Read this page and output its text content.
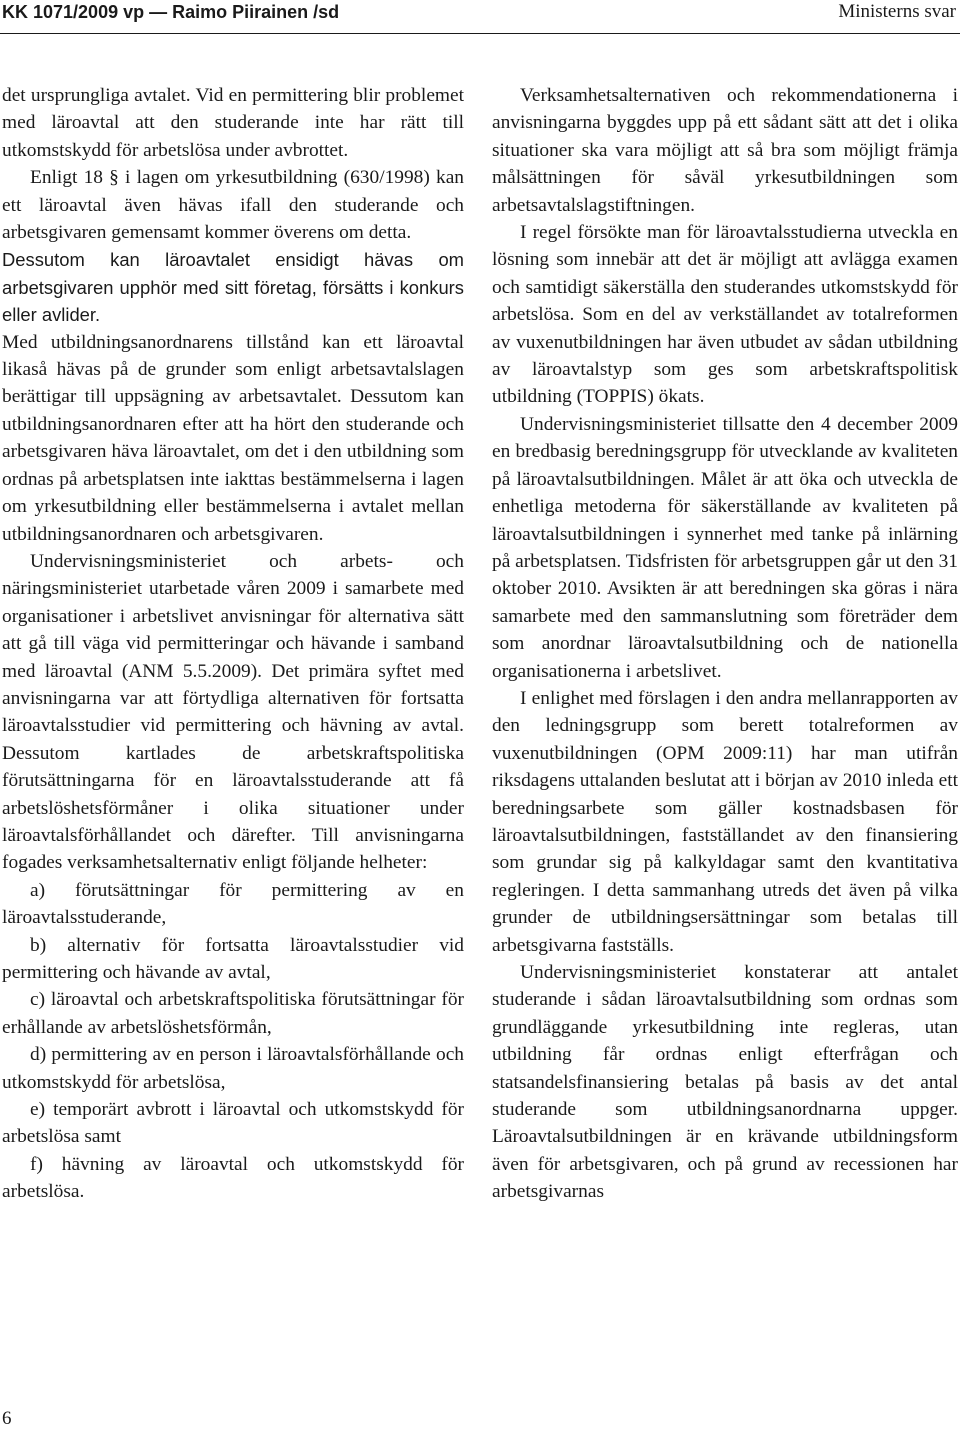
KK 1071/2009 vp — Raimo Piirainen /sd	Ministerns svar

det ursprungliga avtalet. Vid en permittering blir problemet med läroavtal att den studerande inte har rätt till utkomstskydd för arbetslösa under avbrottet.

Enligt 18 § i lagen om yrkesutbildning (630/1998) kan ett läroavtal även hävas ifall den studerande och arbetsgivaren gemensamt kommer överens om detta.

Dessutom kan läroavtalet ensidigt hävas om arbetsgivaren upphör med sitt företag, försätts i konkurs eller avlider.

Med utbildningsanordnarens tillstånd kan ett läroavtal likaså hävas på de grunder som enligt arbetsavtalslagen berättigar till uppsägning av arbetsavtalet. Dessutom kan utbildningsanordnaren efter att ha hört den studerande och arbetsgivaren häva läroavtalet, om det i den utbildning som ordnas på arbetsplatsen inte iakttas bestämmelserna i lagen om yrkesutbildning eller bestämmelserna i avtalet mellan utbildningsanordnaren och arbetsgivaren.

Undervisningsministeriet och arbets- och näringsministeriet utarbetade våren 2009 i samarbete med organisationer i arbetslivet anvisningar för alternativa sätt att gå till väga vid permitteringar och hävande i samband med läroavtal (ANM 5.5.2009). Det primära syftet med anvisningarna var att förtydliga alternativen för fortsatta läroavtalsstudier vid permittering och hävning av avtal. Dessutom kartlades de arbetskraftspolitiska förutsättningarna för en läroavtalsstuderande att få arbetslöshetsförmåner i olika situationer under läroavtalsförhållandet och därefter. Till anvisningarna fogades verksamhetsalternativ enligt följande helheter:

a) förutsättningar för permittering av en läroavtalsstuderande,

b) alternativ för fortsatta läroavtalsstudier vid permittering och hävande av avtal,

c) läroavtal och arbetskraftspolitiska förutsättningar för erhållande av arbetslöshetsförmån,

d) permittering av en person i läroavtalsförhållande och utkomstskydd för arbetslösa,

e) temporärt avbrott i läroavtal och utkomstskydd för arbetslösa samt

f) hävning av läroavtal och utkomstskydd för arbetslösa.

Verksamhetsalternativen och rekommendationerna i anvisningarna byggdes upp på ett sådant sätt att det i olika situationer ska vara möjligt att så bra som möjligt främja målsättningen för såväl yrkesutbildningen som arbetsavtalslagstiftningen.

I regel försökte man för läroavtalsstudierna utveckla en lösning som innebär att det är möjligt att avlägga examen och samtidigt säkerställa den studerandes utkomstskydd för arbetslösa. Som en del av verkställandet av totalreformen av vuxenutbildningen har även utbudet av sådan utbildning av läroavtalstyp som ges som arbetskraftspolitisk utbildning (TOPPIS) ökats.

Undervisningsministeriet tillsatte den 4 december 2009 en bredbasig beredningsgrupp för utvecklande av kvaliteten på läroavtalsutbildningen. Målet är att öka och utveckla de enhetliga metoderna för säkerställande av kvaliteten på läroavtalsutbildningen i synnerhet med tanke på inlärning på arbetsplatsen. Tidsfristen för arbetsgruppen går ut den 31 oktober 2010. Avsikten är att beredningen ska göras i nära samarbete med den sammanslutning som företräder dem som anordnar läroavtalsutbildning och de nationella organisationerna i arbetslivet.

I enlighet med förslagen i den andra mellanrapporten av den ledningsgrupp som berett totalreformen av vuxenutbildningen (OPM 2009:11) har man utifrån riksdagens uttalanden beslutat att i början av 2010 inleda ett beredningsarbete som gäller kostnadsbasen för läroavtalsutbildningen, fastställandet av den finansiering som grundar sig på kalkyldagar samt den kvantitativa regleringen. I detta sammanhang utreds det även på vilka grunder de utbildningsersättningar som betalas till arbetsgivarna fastställs.

Undervisningsministeriet konstaterar att antalet studerande i sådan läroavtalsutbildning som ordnas som grundläggande yrkesutbildning inte regleras, utan utbildning får ordnas enligt efterfrågan och statsandelsfinansiering betalas på basis av det antal studerande som utbildningsanordnarna uppger. Läroavtalsutbildningen är en krävande utbildningsform även för arbetsgivaren, och på grund av recessionen har arbetsgivarnas

6
